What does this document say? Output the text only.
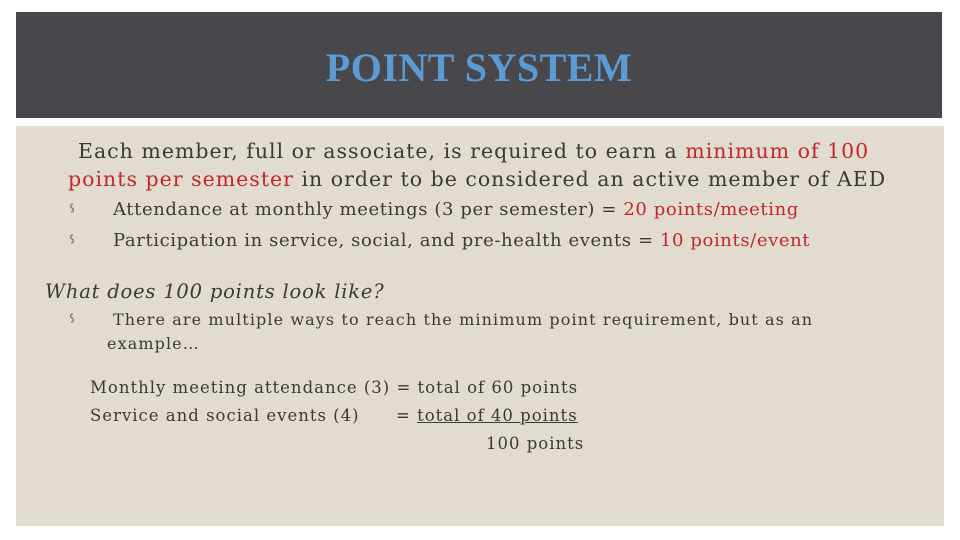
POINT SYSTEM
Each member, full or associate, is required to earn a minimum of 100
points per semester in order to be considered an active member of AED
Attendance at monthly meetings (3 per semester) = 20 points/meeting
Participation in service, social, and pre-health events = 10 points/event
What does 100 points look like?
There are multiple ways to reach the minimum point requirement, but as an
example…
Monthly meeting attendance (3) = total of 60 points
Service and social events (4) = total of 40 points
100 points
